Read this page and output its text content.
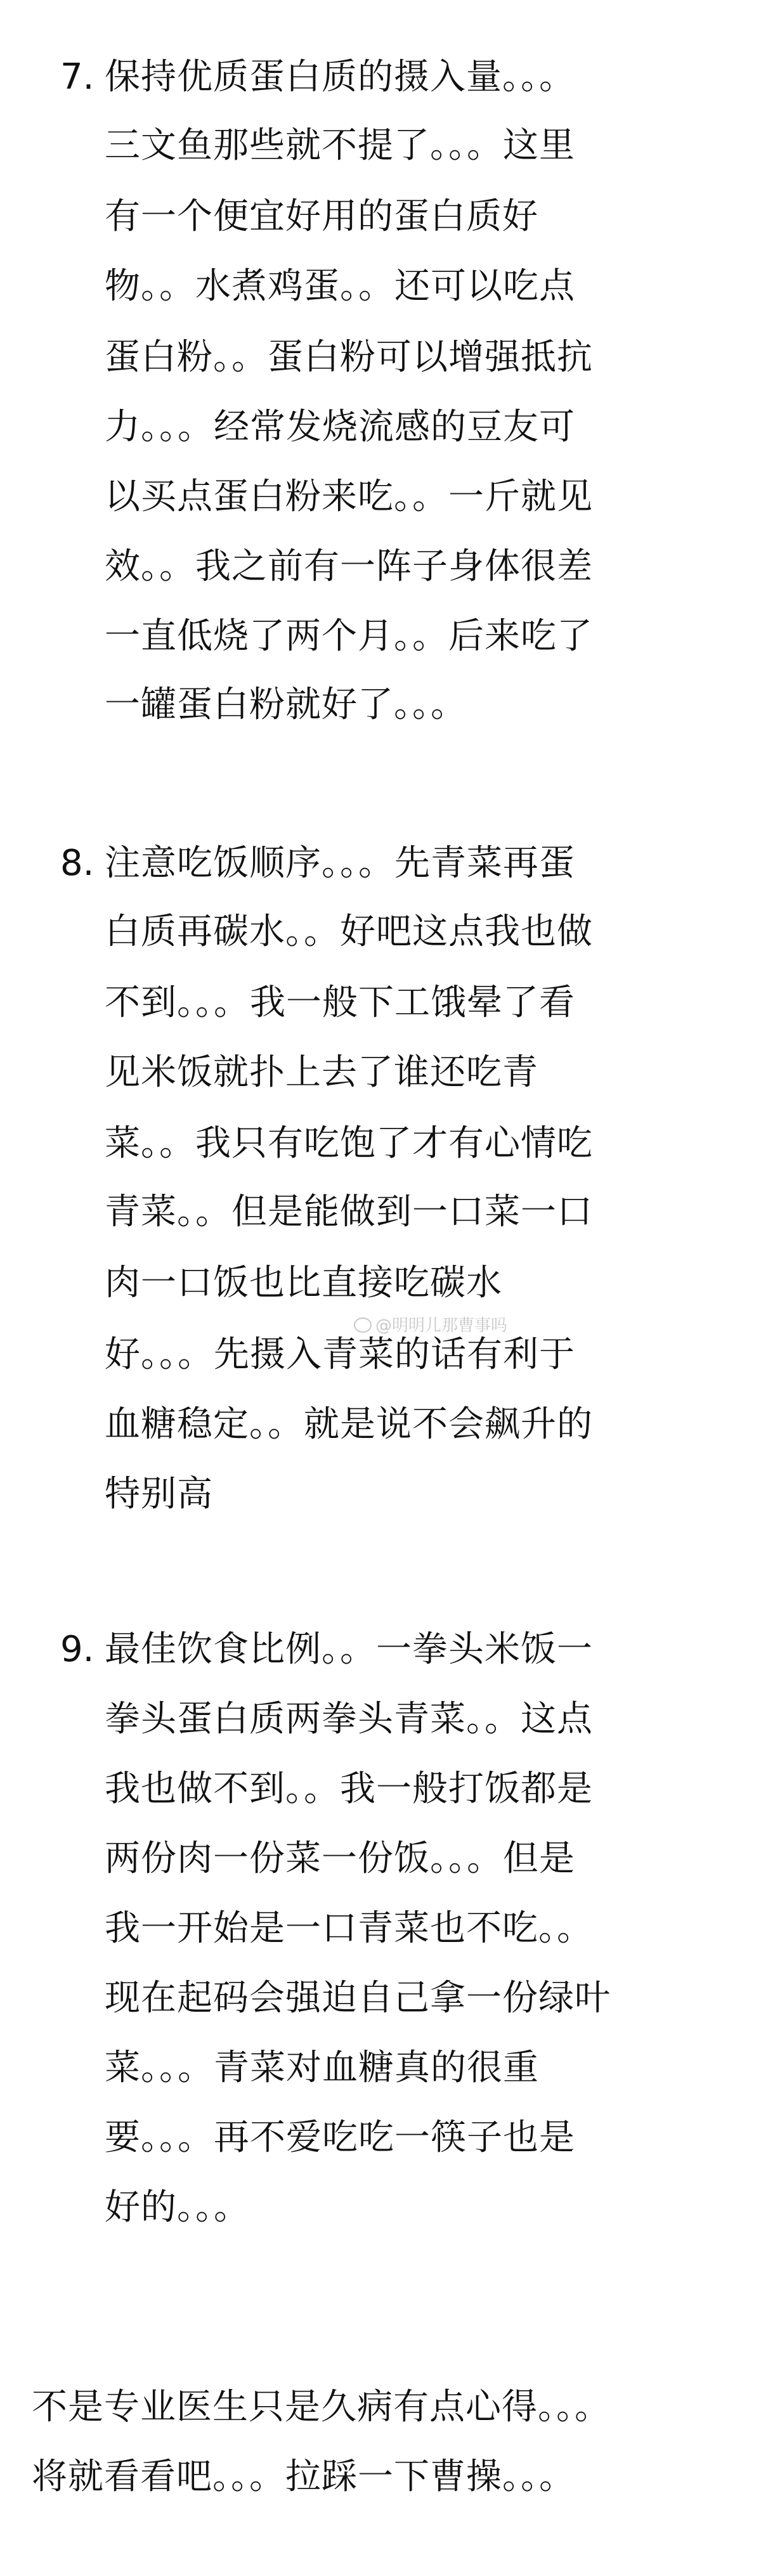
7. 保持优质蛋白质的摄入量。。。
三文鱼那些就不提了。。。这里
有一个便宜好用的蛋白质好
物。。水煮鸡蛋。。还可以吃点
蛋白粉。。蛋白粉可以增强抵抗
力。。。经常发烧流感的豆友可
以买点蛋白粉来吃。。一斤就见
效。。我之前有一阵子身体很差
一直低烧了两个月。。后来吃了
一罐蛋白粉就好了。。。
8. 注意吃饭顺序。。。先青菜再蛋
白质再碳水。。好吧这点我也做
不到。。。我一般下工饿晕了看
见米饭就扑上去了谁还吃青
菜。。我只有吃饱了才有心情吃
青菜。。但是能做到一口菜一口
肉一口饭也比直接吃碳水
好。。。先摄入青菜的话有利于
血糖稳定。。就是说不会飙升的
特别高
9. 最佳饮食比例。。一拳头米饭一
拳头蛋白质两拳头青菜。。这点
我也做不到。。我一般打饭都是
两份肉一份菜一份饭。。。但是
我一开始是一口青菜也不吃。。
现在起码会强迫自己拿一份绿叶
菜。。。青菜对血糖真的很重
要。。。再不爱吃吃一筷子也是
好的。。。
不是专业医生只是久病有点心得。。。
将就看看吧。。。拉踩一下曹操。。。
@明明儿那曹事吗
